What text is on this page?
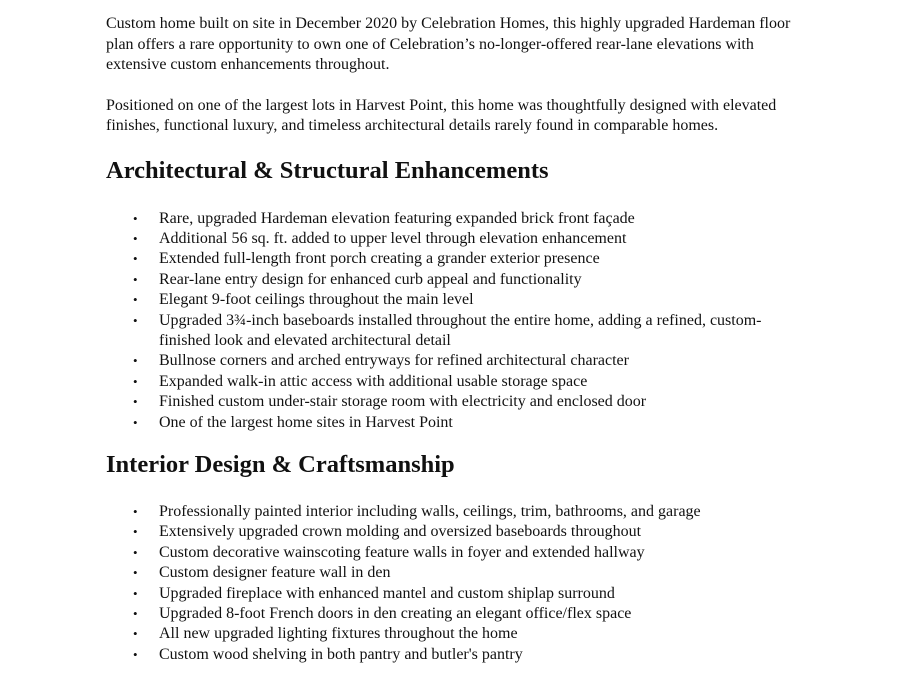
Custom home built on site in December 2020 by Celebration Homes, this highly upgraded Hardeman floor plan offers a rare opportunity to own one of Celebration’s no-longer-offered rear-lane elevations with extensive custom enhancements throughout.

Positioned on one of the largest lots in Harvest Point, this home was thoughtfully designed with elevated finishes, functional luxury, and timeless architectural details rarely found in comparable homes.

Architectural & Structural Enhancements
• Rare, upgraded Hardeman elevation featuring expanded brick front façade
• Additional 56 sq. ft. added to upper level through elevation enhancement
• Extended full-length front porch creating a grander exterior presence
• Rear-lane entry design for enhanced curb appeal and functionality
• Elegant 9-foot ceilings throughout the main level
• Upgraded 3¾-inch baseboards installed throughout the entire home, adding a refined, custom-finished look and elevated architectural detail
• Bullnose corners and arched entryways for refined architectural character
• Expanded walk-in attic access with additional usable storage space
• Finished custom under-stair storage room with electricity and enclosed door
• One of the largest home sites in Harvest Point
Interior Design & Craftsmanship
• Professionally painted interior including walls, ceilings, trim, bathrooms, and garage
• Extensively upgraded crown molding and oversized baseboards throughout
• Custom decorative wainscoting feature walls in foyer and extended hallway
• Custom designer feature wall in den
• Upgraded fireplace with enhanced mantel and custom shiplap surround
• Upgraded 8-foot French doors in den creating an elegant office/flex space
• All new upgraded lighting fixtures throughout the home
• Custom wood shelving in both pantry and butler's pantry
